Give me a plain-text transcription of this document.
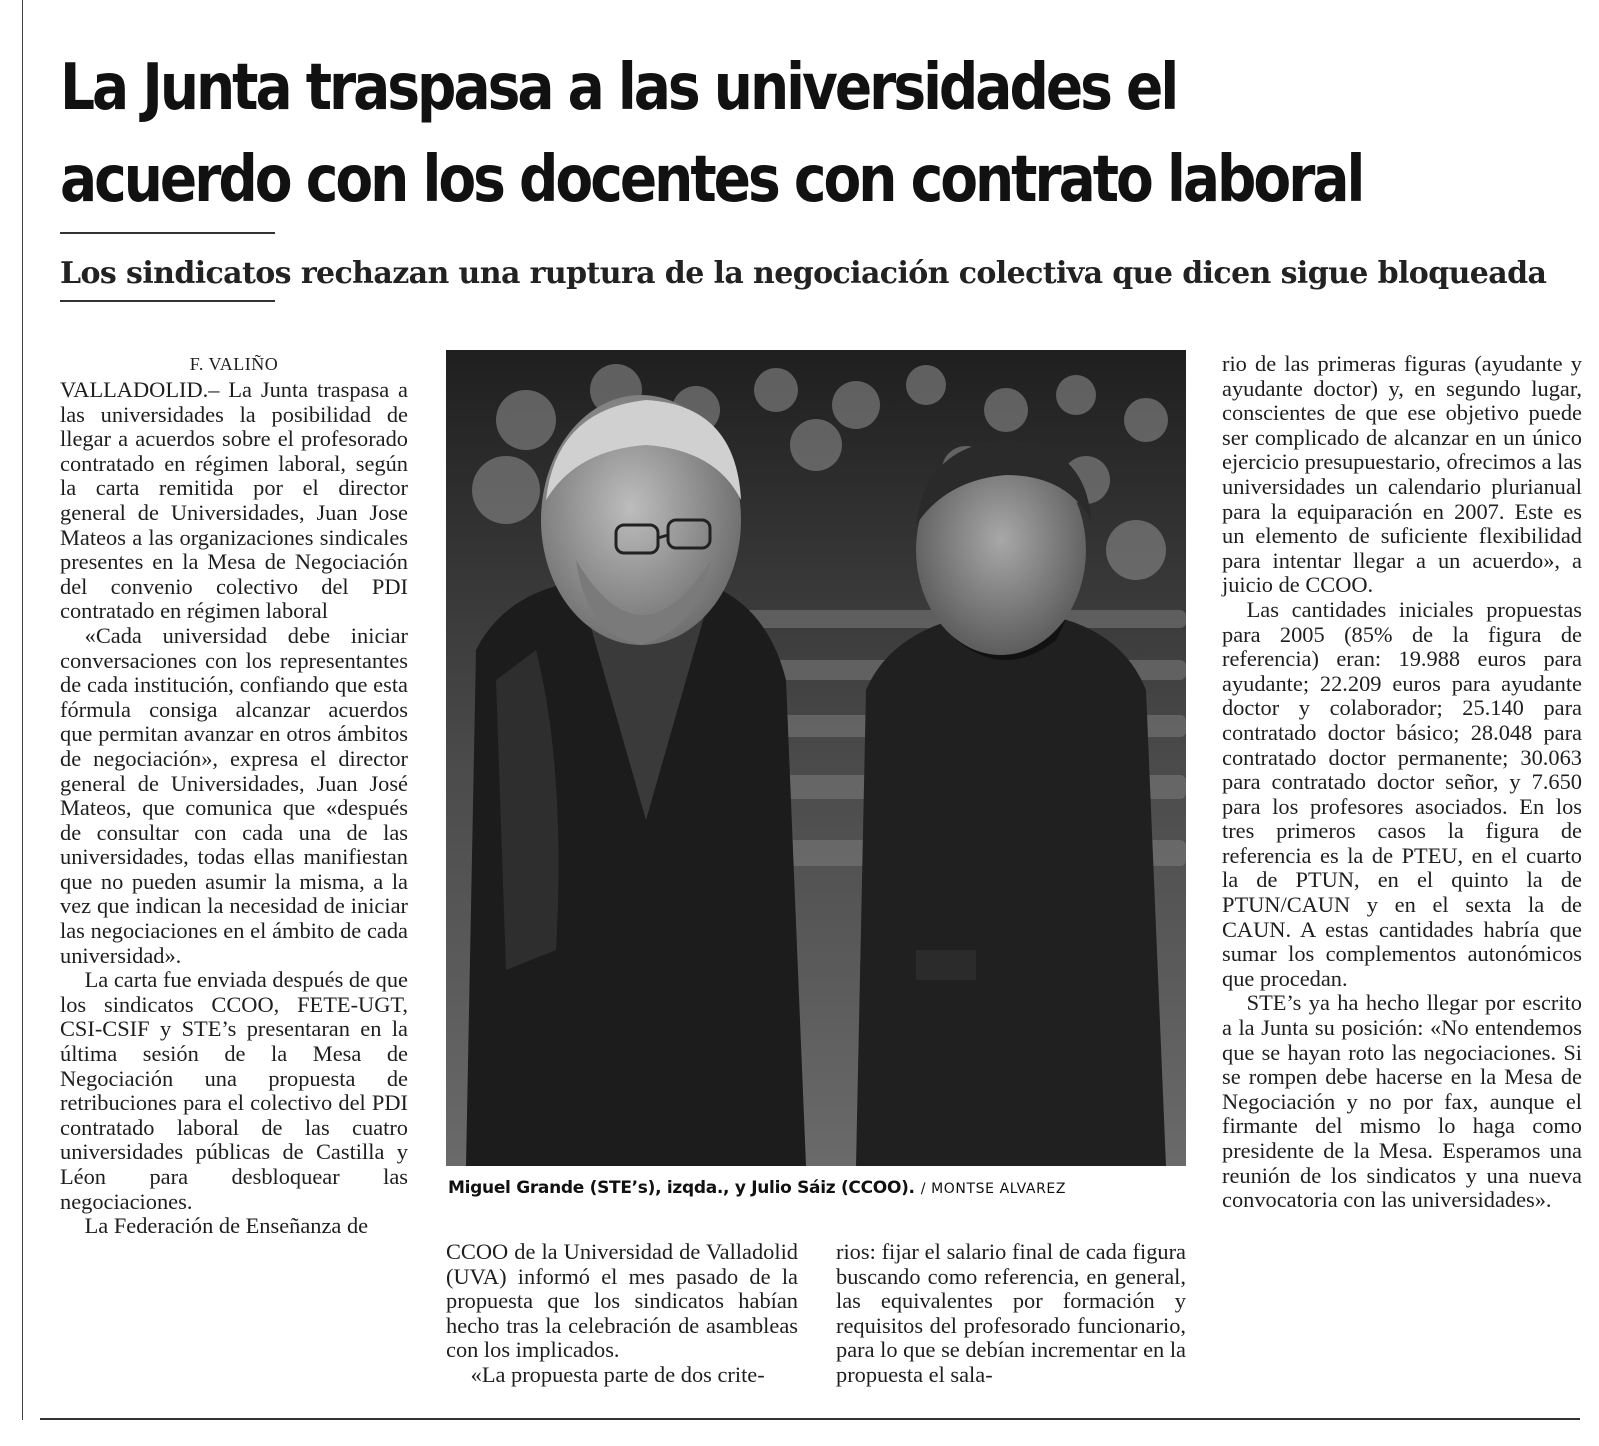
La Junta traspasa a las universidades el
acuerdo con los docentes con contrato laboral
Los sindicatos rechazan una ruptura de la negociación colectiva que dicen sigue bloqueada
F. VALIÑO

VALLADOLID.– La Junta traspasa a las universidades la posibilidad de llegar a acuerdos sobre el profesorado contratado en régimen laboral, según la carta remitida por el director general de Universidades, Juan Jose Mateos a las organizaciones sindicales presentes en la Mesa de Negociación del convenio colectivo del PDI contratado en régimen laboral

«Cada universidad debe iniciar conversaciones con los representantes de cada institución, confiando que esta fórmula consiga alcanzar acuerdos que permitan avanzar en otros ámbitos de negociación», expresa el director general de Universidades, Juan José Mateos, que comunica que «después de consultar con cada una de las universidades, todas ellas manifiestan que no pueden asumir la misma, a la vez que indican la necesidad de iniciar las negociaciones en el ámbito de cada universidad».

La carta fue enviada después de que los sindicatos CCOO, FETE-UGT, CSI-CSIF y STE’s presentaran en la última sesión de la Mesa de Negociación una propuesta de retribuciones para el colectivo del PDI contratado laboral de las cuatro universidades públicas de Castilla y Léon para desbloquear las negociaciones.

La Federación de Enseñanza de

Miguel Grande (STE’s), izqda., y Julio Sáiz (CCOO). / MONTSE ALVAREZ

CCOO de la Universidad de Valladolid (UVA) informó el mes pasado de la propuesta que los sindicatos habían hecho tras la celebración de asambleas con los implicados.

«La propuesta parte de dos crite-

rios: fijar el salario final de cada figura buscando como referencia, en general, las equivalentes por formación y requisitos del profesorado funcionario, para lo que se debían incrementar en la propuesta el sala-

rio de las primeras figuras (ayudante y ayudante doctor) y, en segundo lugar, conscientes de que ese objetivo puede ser complicado de alcanzar en un único ejercicio presupuestario, ofrecimos a las universidades un calendario plurianual para la equiparación en 2007. Este es un elemento de suficiente flexibilidad para intentar llegar a un acuerdo», a juicio de CCOO.

Las cantidades iniciales propuestas para 2005 (85% de la figura de referencia) eran: 19.988 euros para ayudante; 22.209 euros para ayudante doctor y colaborador; 25.140 para contratado doctor básico; 28.048 para contratado doctor permanente; 30.063 para contratado doctor señor, y 7.650 para los profesores asociados. En los tres primeros casos la figura de referencia es la de PTEU, en el cuarto la de PTUN, en el quinto la de PTUN/CAUN y en el sexta la de CAUN. A estas cantidades habría que sumar los complementos autonómicos que procedan.

STE’s ya ha hecho llegar por escrito a la Junta su posición: «No entendemos que se hayan roto las negociaciones. Si se rompen debe hacerse en la Mesa de Negociación y no por fax, aunque el firmante del mismo lo haga como presidente de la Mesa. Esperamos una reunión de los sindicatos y una nueva convocatoria con las universidades».
